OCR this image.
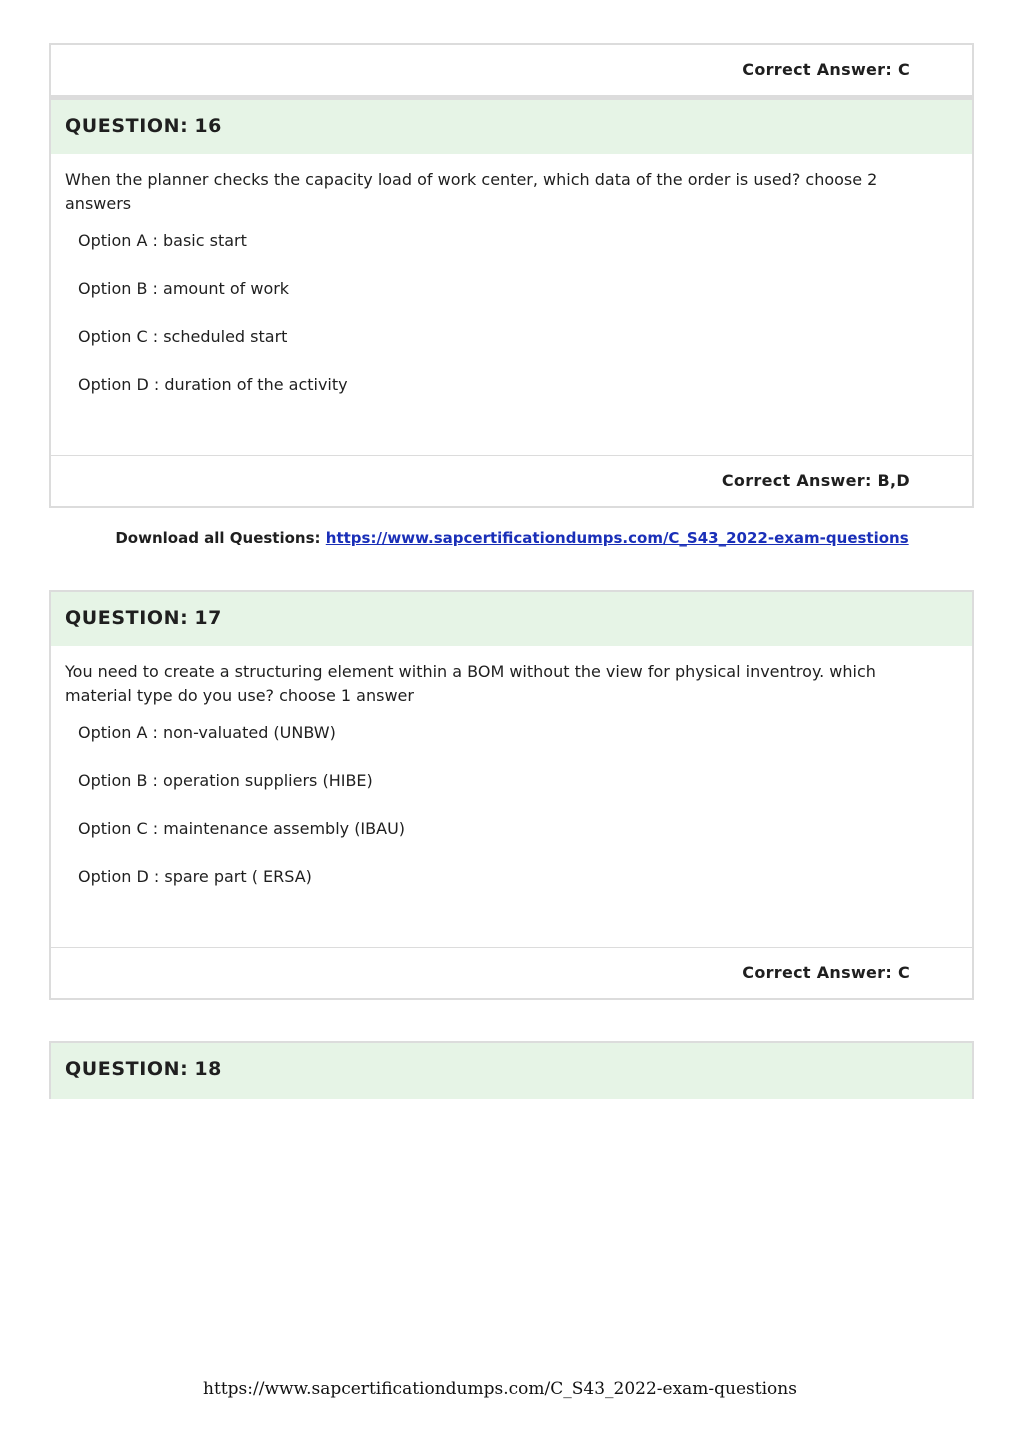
Correct Answer: C
QUESTION: 16

When the planner checks the capacity load of work center, which data of the order is used? choose 2 answers

Option A : basic start
Option B : amount of work
Option C : scheduled start
Option D : duration of the activity
Correct Answer: B,D
Download all Questions: https://www.sapcertificationdumps.com/C_S43_2022-exam-questions
QUESTION: 17

You need to create a structuring element within a BOM without the view for physical inventroy. which material type do you use? choose 1 answer

Option A : non-valuated (UNBW)
Option B : operation suppliers (HIBE)
Option C : maintenance assembly (IBAU)
Option D : spare part ( ERSA)
Correct Answer: C
QUESTION: 18
https://www.sapcertificationdumps.com/C_S43_2022-exam-questions
